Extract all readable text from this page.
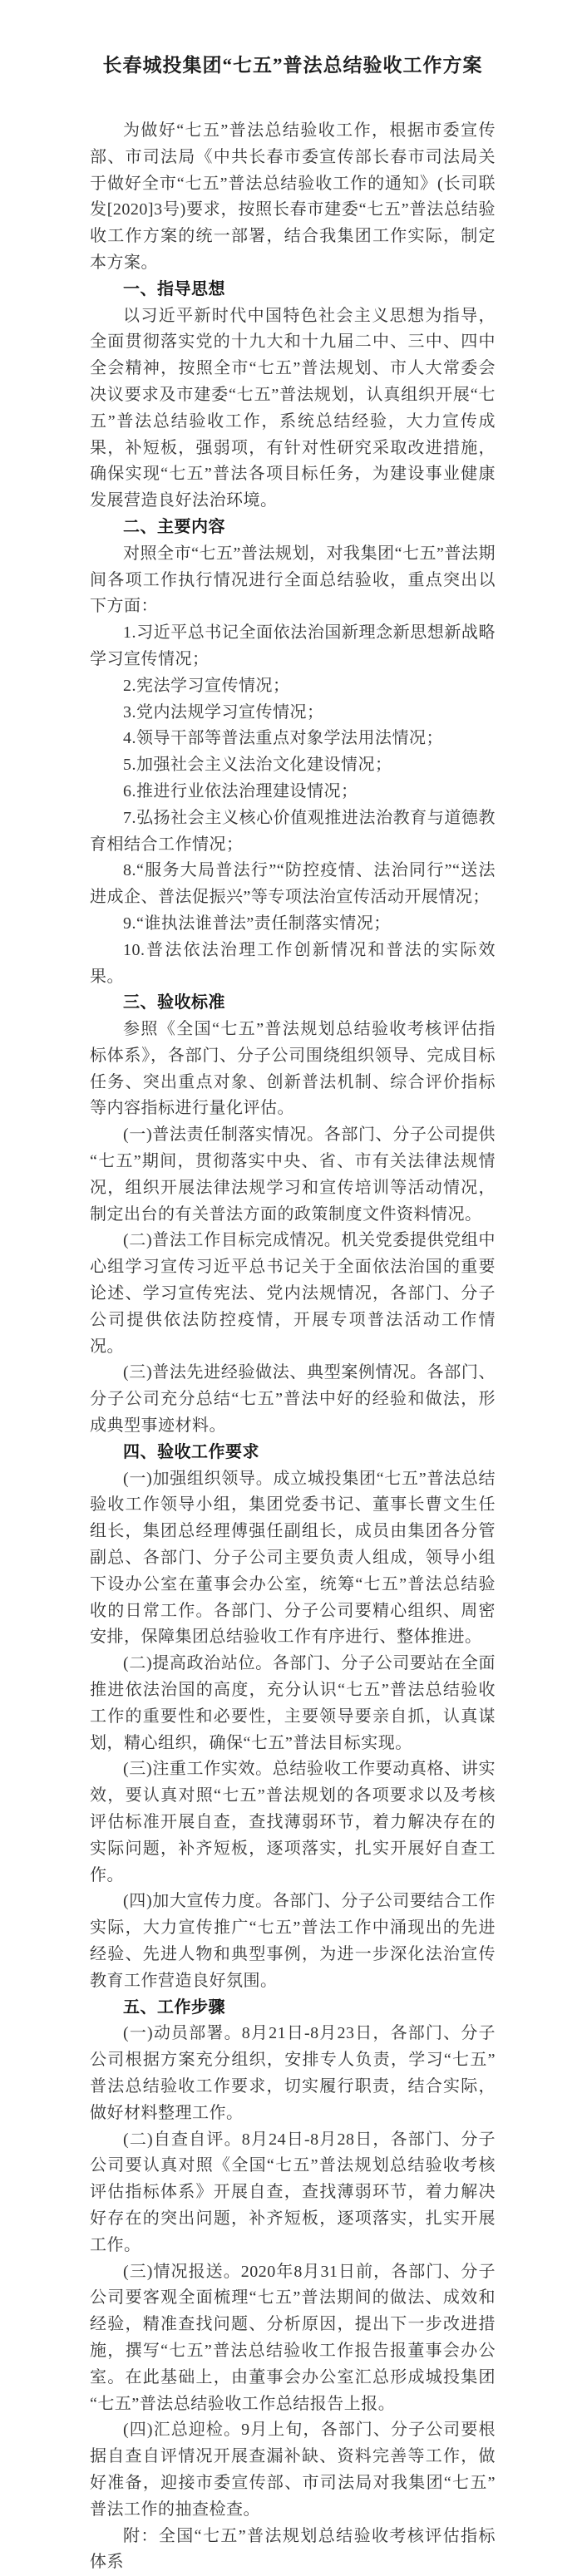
长春城投集团“七五”普法总结验收工作方案

为做好“七五”普法总结验收工作，根据市委宣传部、市司法局《中共长春市委宣传部长春市司法局关于做好全市“七五”普法总结验收工作的通知》(长司联发[2020]3号)要求，按照长春市建委“七五”普法总结验收工作方案的统一部署，结合我集团工作实际，制定本方案。

一、指导思想

以习近平新时代中国特色社会主义思想为指导，全面贯彻落实党的十九大和十九届二中、三中、四中全会精神，按照全市“七五”普法规划、市人大常委会决议要求及市建委“七五”普法规划，认真组织开展“七五”普法总结验收工作，系统总结经验，大力宣传成果，补短板，强弱项，有针对性研究采取改进措施，确保实现“七五”普法各项目标任务，为建设事业健康发展营造良好法治环境。

二、主要内容

对照全市“七五”普法规划，对我集团“七五”普法期间各项工作执行情况进行全面总结验收，重点突出以下方面：

1.习近平总书记全面依法治国新理念新思想新战略学习宣传情况；

2.宪法学习宣传情况；

3.党内法规学习宣传情况；

4.领导干部等普法重点对象学法用法情况；

5.加强社会主义法治文化建设情况；

6.推进行业依法治理建设情况；

7.弘扬社会主义核心价值观推进法治教育与道德教育相结合工作情况；

8.“服务大局普法行”“防控疫情、法治同行”“送法进成企、普法促振兴”等专项法治宣传活动开展情况；

9.“谁执法谁普法”责任制落实情况；

10.普法依法治理工作创新情况和普法的实际效果。

三、验收标准

参照《全国“七五”普法规划总结验收考核评估指标体系》，各部门、分子公司围绕组织领导、完成目标任务、突出重点对象、创新普法机制、综合评价指标等内容指标进行量化评估。

(一)普法责任制落实情况。各部门、分子公司提供“七五”期间，贯彻落实中央、省、市有关法律法规情况，组织开展法律法规学习和宣传培训等活动情况，制定出台的有关普法方面的政策制度文件资料情况。

(二)普法工作目标完成情况。机关党委提供党组中心组学习宣传习近平总书记关于全面依法治国的重要论述、学习宣传宪法、党内法规情况，各部门、分子公司提供依法防控疫情，开展专项普法活动工作情况。

(三)普法先进经验做法、典型案例情况。各部门、分子公司充分总结“七五”普法中好的经验和做法，形成典型事迹材料。

四、验收工作要求

(一)加强组织领导。成立城投集团“七五”普法总结验收工作领导小组，集团党委书记、董事长曹文生任组长，集团总经理傅强任副组长，成员由集团各分管副总、各部门、分子公司主要负责人组成，领导小组下设办公室在董事会办公室，统筹“七五”普法总结验收的日常工作。各部门、分子公司要精心组织、周密安排，保障集团总结验收工作有序进行、整体推进。

(二)提高政治站位。各部门、分子公司要站在全面推进依法治国的高度，充分认识“七五”普法总结验收工作的重要性和必要性，主要领导要亲自抓，认真谋划，精心组织，确保“七五”普法目标实现。

(三)注重工作实效。总结验收工作要动真格、讲实效，要认真对照“七五”普法规划的各项要求以及考核评估标准开展自查，查找薄弱环节，着力解决存在的实际问题，补齐短板，逐项落实，扎实开展好自查工作。

(四)加大宣传力度。各部门、分子公司要结合工作实际，大力宣传推广“七五”普法工作中涌现出的先进经验、先进人物和典型事例，为进一步深化法治宣传教育工作营造良好氛围。

五、工作步骤

(一)动员部署。8月21日-8月23日，各部门、分子公司根据方案充分组织，安排专人负责，学习“七五”普法总结验收工作要求，切实履行职责，结合实际，做好材料整理工作。

(二)自查自评。8月24日-8月28日，各部门、分子公司要认真对照《全国“七五”普法规划总结验收考核评估指标体系》开展自查，查找薄弱环节，着力解决好存在的突出问题，补齐短板，逐项落实，扎实开展工作。

(三)情况报送。2020年8月31日前，各部门、分子公司要客观全面梳理“七五”普法期间的做法、成效和经验，精准查找问题、分析原因，提出下一步改进措施，撰写“七五”普法总结验收工作报告报董事会办公室。在此基础上，由董事会办公室汇总形成城投集团“七五”普法总结验收工作总结报告上报。

(四)汇总迎检。9月上旬，各部门、分子公司要根据自查自评情况开展查漏补缺、资料完善等工作，做好准备，迎接市委宣传部、市司法局对我集团“七五”普法工作的抽查检查。

附：全国“七五”普法规划总结验收考核评估指标体系
